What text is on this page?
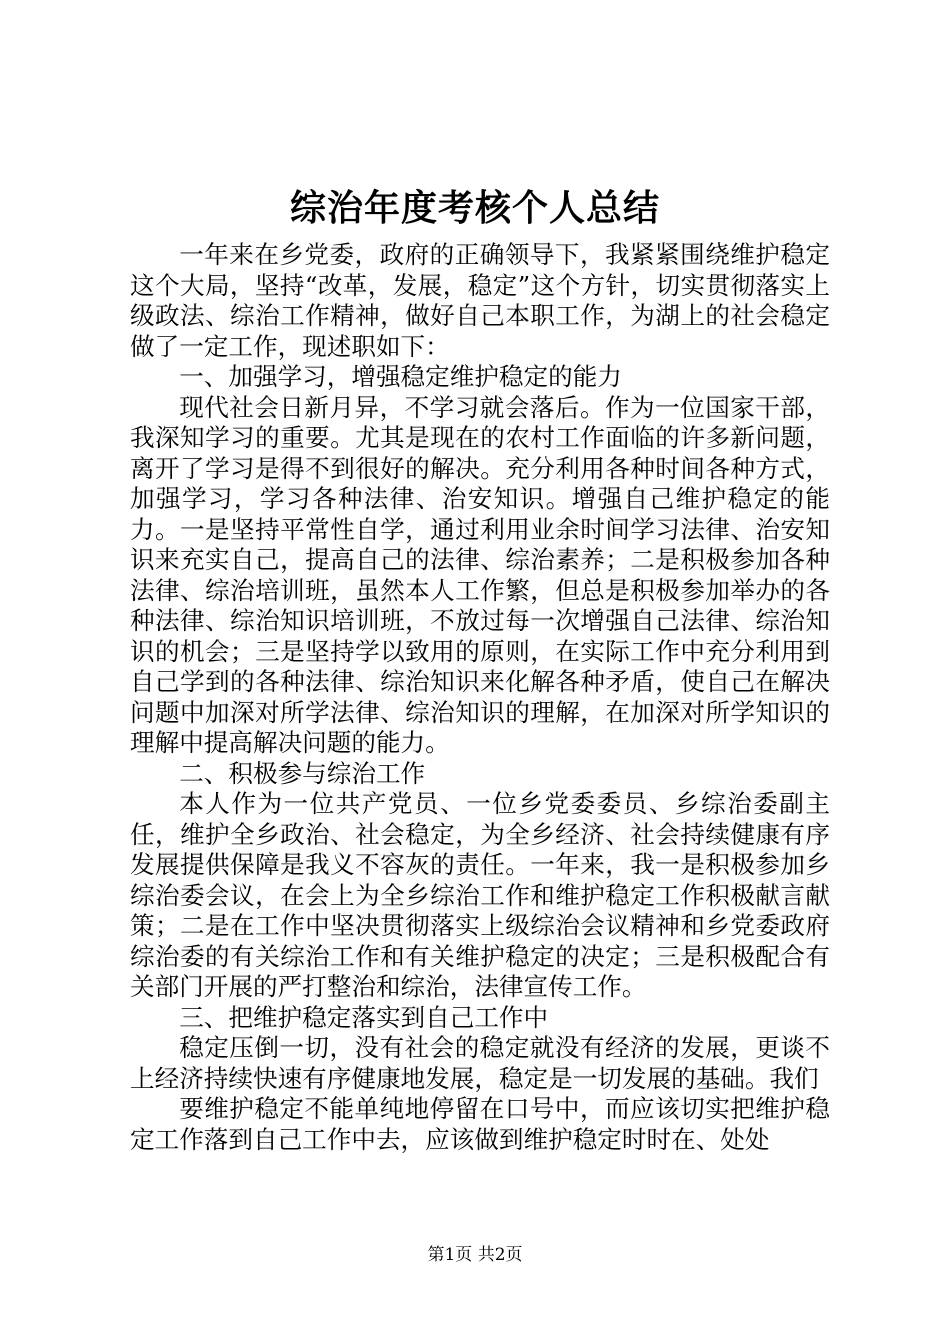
综治年度考核个人总结

一年来在乡党委，政府的正确领导下，我紧紧围绕维护稳定这个大局，坚持“改革，发展，稳定”这个方针，切实贯彻落实上级政法、综治工作精神，做好自己本职工作，为湖上的社会稳定做了一定工作，现述职如下：

一、加强学习，增强稳定维护稳定的能力

现代社会日新月异，不学习就会落后。作为一位国家干部，我深知学习的重要。尤其是现在的农村工作面临的许多新问题，离开了学习是得不到很好的解决。充分利用各种时间各种方式，加强学习，学习各种法律、治安知识。增强自己维护稳定的能力。一是坚持平常性自学，通过利用业余时间学习法律、治安知识来充实自己，提高自己的法律、综治素养；二是积极参加各种法律、综治培训班，虽然本人工作繁，但总是积极参加举办的各种法律、综治知识培训班，不放过每一次增强自己法律、综治知识的机会；三是坚持学以致用的原则，在实际工作中充分利用到自己学到的各种法律、综治知识来化解各种矛盾，使自己在解决问题中加深对所学法律、综治知识的理解，在加深对所学知识的理解中提高解决问题的能力。

二、积极参与综治工作

本人作为一位共产党员、一位乡党委委员、乡综治委副主任，维护全乡政治、社会稳定，为全乡经济、社会持续健康有序发展提供保障是我义不容灰的责任。一年来，我一是积极参加乡综治委会议，在会上为全乡综治工作和维护稳定工作积极献言献策；二是在工作中坚决贯彻落实上级综治会议精神和乡党委政府综治委的有关综治工作和有关维护稳定的决定；三是积极配合有关部门开展的严打整治和综治，法律宣传工作。

三、把维护稳定落实到自己工作中

稳定压倒一切，没有社会的稳定就没有经济的发展，更谈不上经济持续快速有序健康地发展，稳定是一切发展的基础。我们

要维护稳定不能单纯地停留在口号中，而应该切实把维护稳定工作落到自己工作中去，应该做到维护稳定时时在、处处

第1页 共2页
